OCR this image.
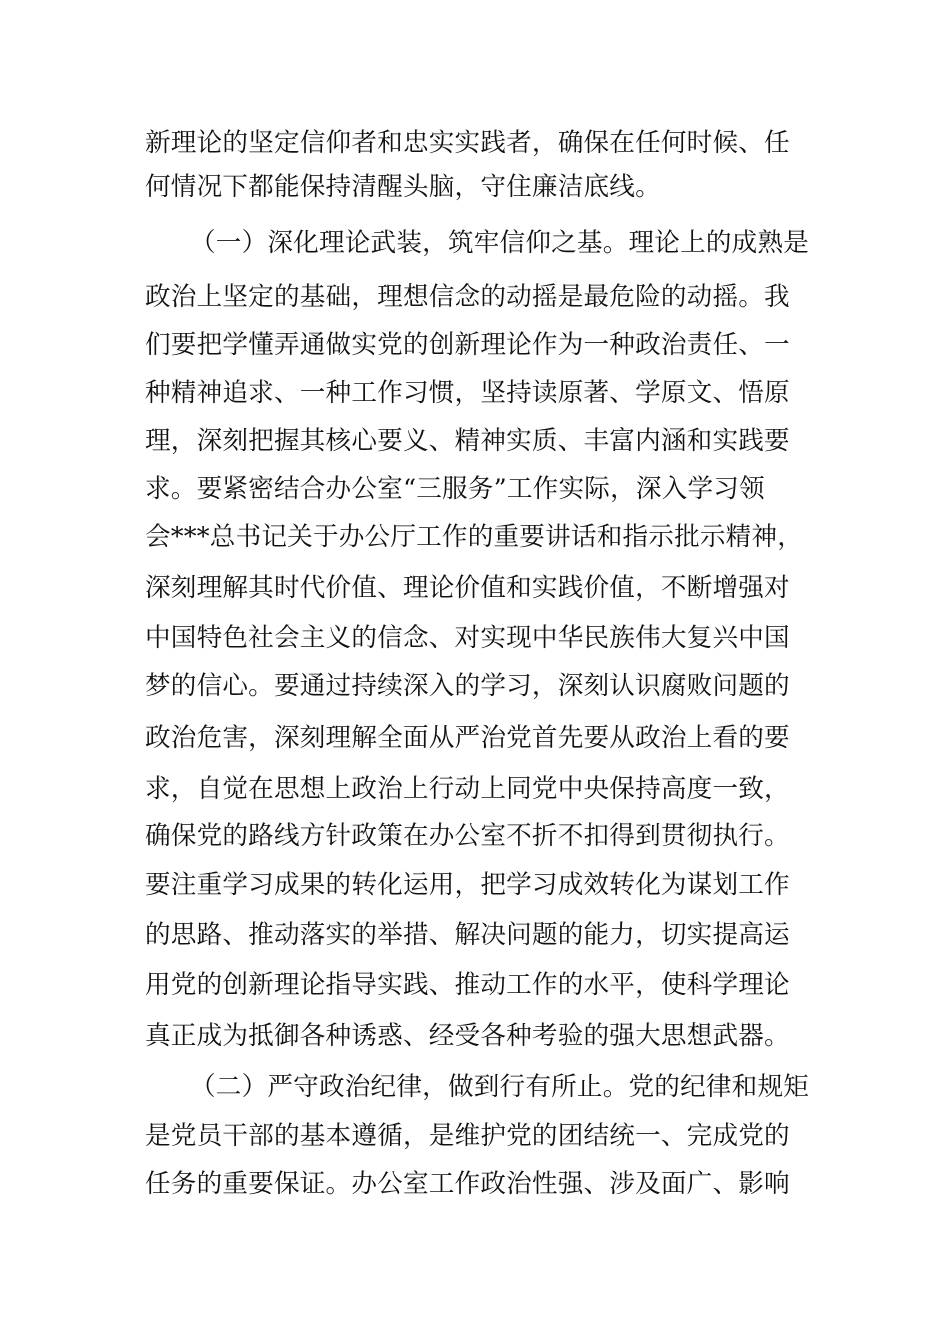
新理论的坚定信仰者和忠实实践者，确保在任何时候、任
何情况下都能保持清醒头脑，守住廉洁底线。
（一）深化理论武装，筑牢信仰之基。理论上的成熟是
政治上坚定的基础，理想信念的动摇是最危险的动摇。我
们要把学懂弄通做实党的创新理论作为一种政治责任、一
种精神追求、一种工作习惯，坚持读原著、学原文、悟原
理，深刻把握其核心要义、精神实质、丰富内涵和实践要
求。要紧密结合办公室“三服务”工作实际，深入学习领
会***总书记关于办公厅工作的重要讲话和指示批示精神，
深刻理解其时代价值、理论价值和实践价值，不断增强对
中国特色社会主义的信念、对实现中华民族伟大复兴中国
梦的信心。要通过持续深入的学习，深刻认识腐败问题的
政治危害，深刻理解全面从严治党首先要从政治上看的要
求，自觉在思想上政治上行动上同党中央保持高度一致，
确保党的路线方针政策在办公室不折不扣得到贯彻执行。
要注重学习成果的转化运用，把学习成效转化为谋划工作
的思路、推动落实的举措、解决问题的能力，切实提高运
用党的创新理论指导实践、推动工作的水平，使科学理论
真正成为抵御各种诱惑、经受各种考验的强大思想武器。
（二）严守政治纪律，做到行有所止。党的纪律和规矩
是党员干部的基本遵循，是维护党的团结统一、完成党的
任务的重要保证。办公室工作政治性强、涉及面广、影响
